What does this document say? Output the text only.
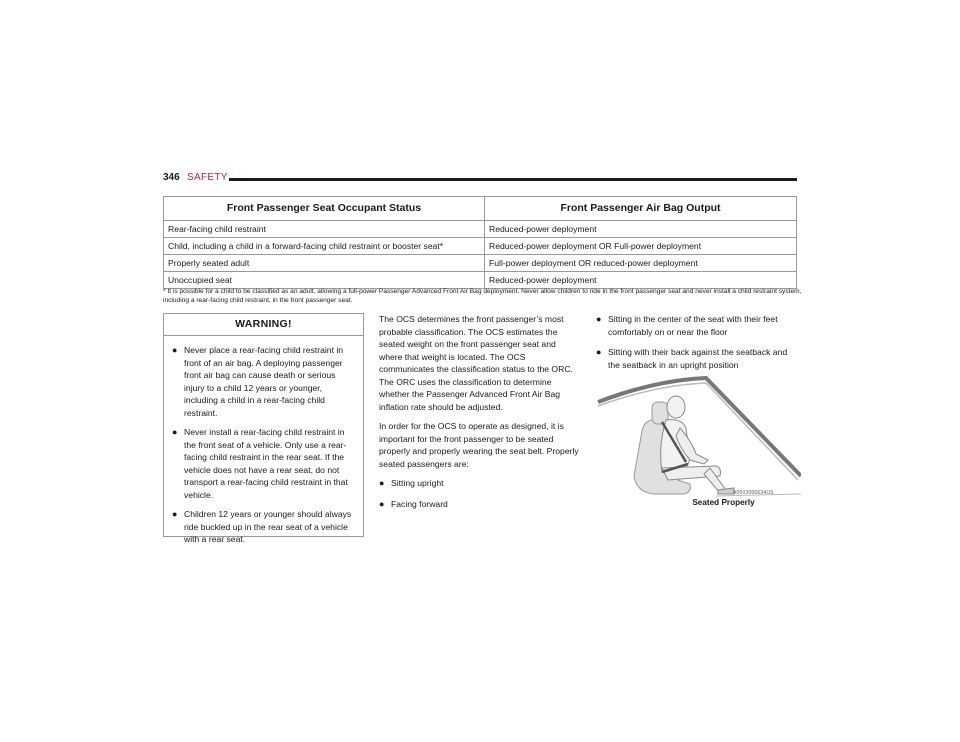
346 SAFETY
Front Passenger Seat Occupant Status	Front Passenger Air Bag Output
Rear-facing child restraint	Reduced-power deployment
Child, including a child in a forward-facing child restraint or booster seat*	Reduced-power deployment OR Full-power deployment
Properly seated adult	Full-power deployment OR reduced-power deployment
Unoccupied seat	Reduced-power deployment
* It is possible for a child to be classified as an adult, allowing a full-power Passenger Advanced Front Air Bag deployment. Never allow children to ride in the front passenger seat and never install a child restraint system, including a rear-facing child restraint, in the front passenger seat.
WARNING!
● Never place a rear-facing child restraint in front of an air bag. A deploying passenger front air bag can cause death or serious injury to a child 12 years or younger, including a child in a rear-facing child restraint.
● Never install a rear-facing child restraint in the front seat of a vehicle. Only use a rear-facing child restraint in the rear seat. If the vehicle does not have a rear seat, do not transport a rear-facing child restraint in that vehicle.
● Children 12 years or younger should always ride buckled up in the rear seat of a vehicle with a rear seat.

The OCS determines the front passenger’s most probable classification. The OCS estimates the seated weight on the front passenger seat and where that weight is located. The OCS communicates the classification status to the ORC. The ORC uses the classification to determine whether the Passenger Advanced Front Air Bag inflation rate should be adjusted.

In order for the OCS to operate as designed, it is important for the front passenger to be seated properly and properly wearing the seat belt. Properly seated passengers are:

● Sitting upright
● Facing forward
● Sitting in the center of the seat with their feet comfortably on or near the floor
● Sitting with their back against the seatback and the seatback in an upright position
A0503000634US
Seated Properly
